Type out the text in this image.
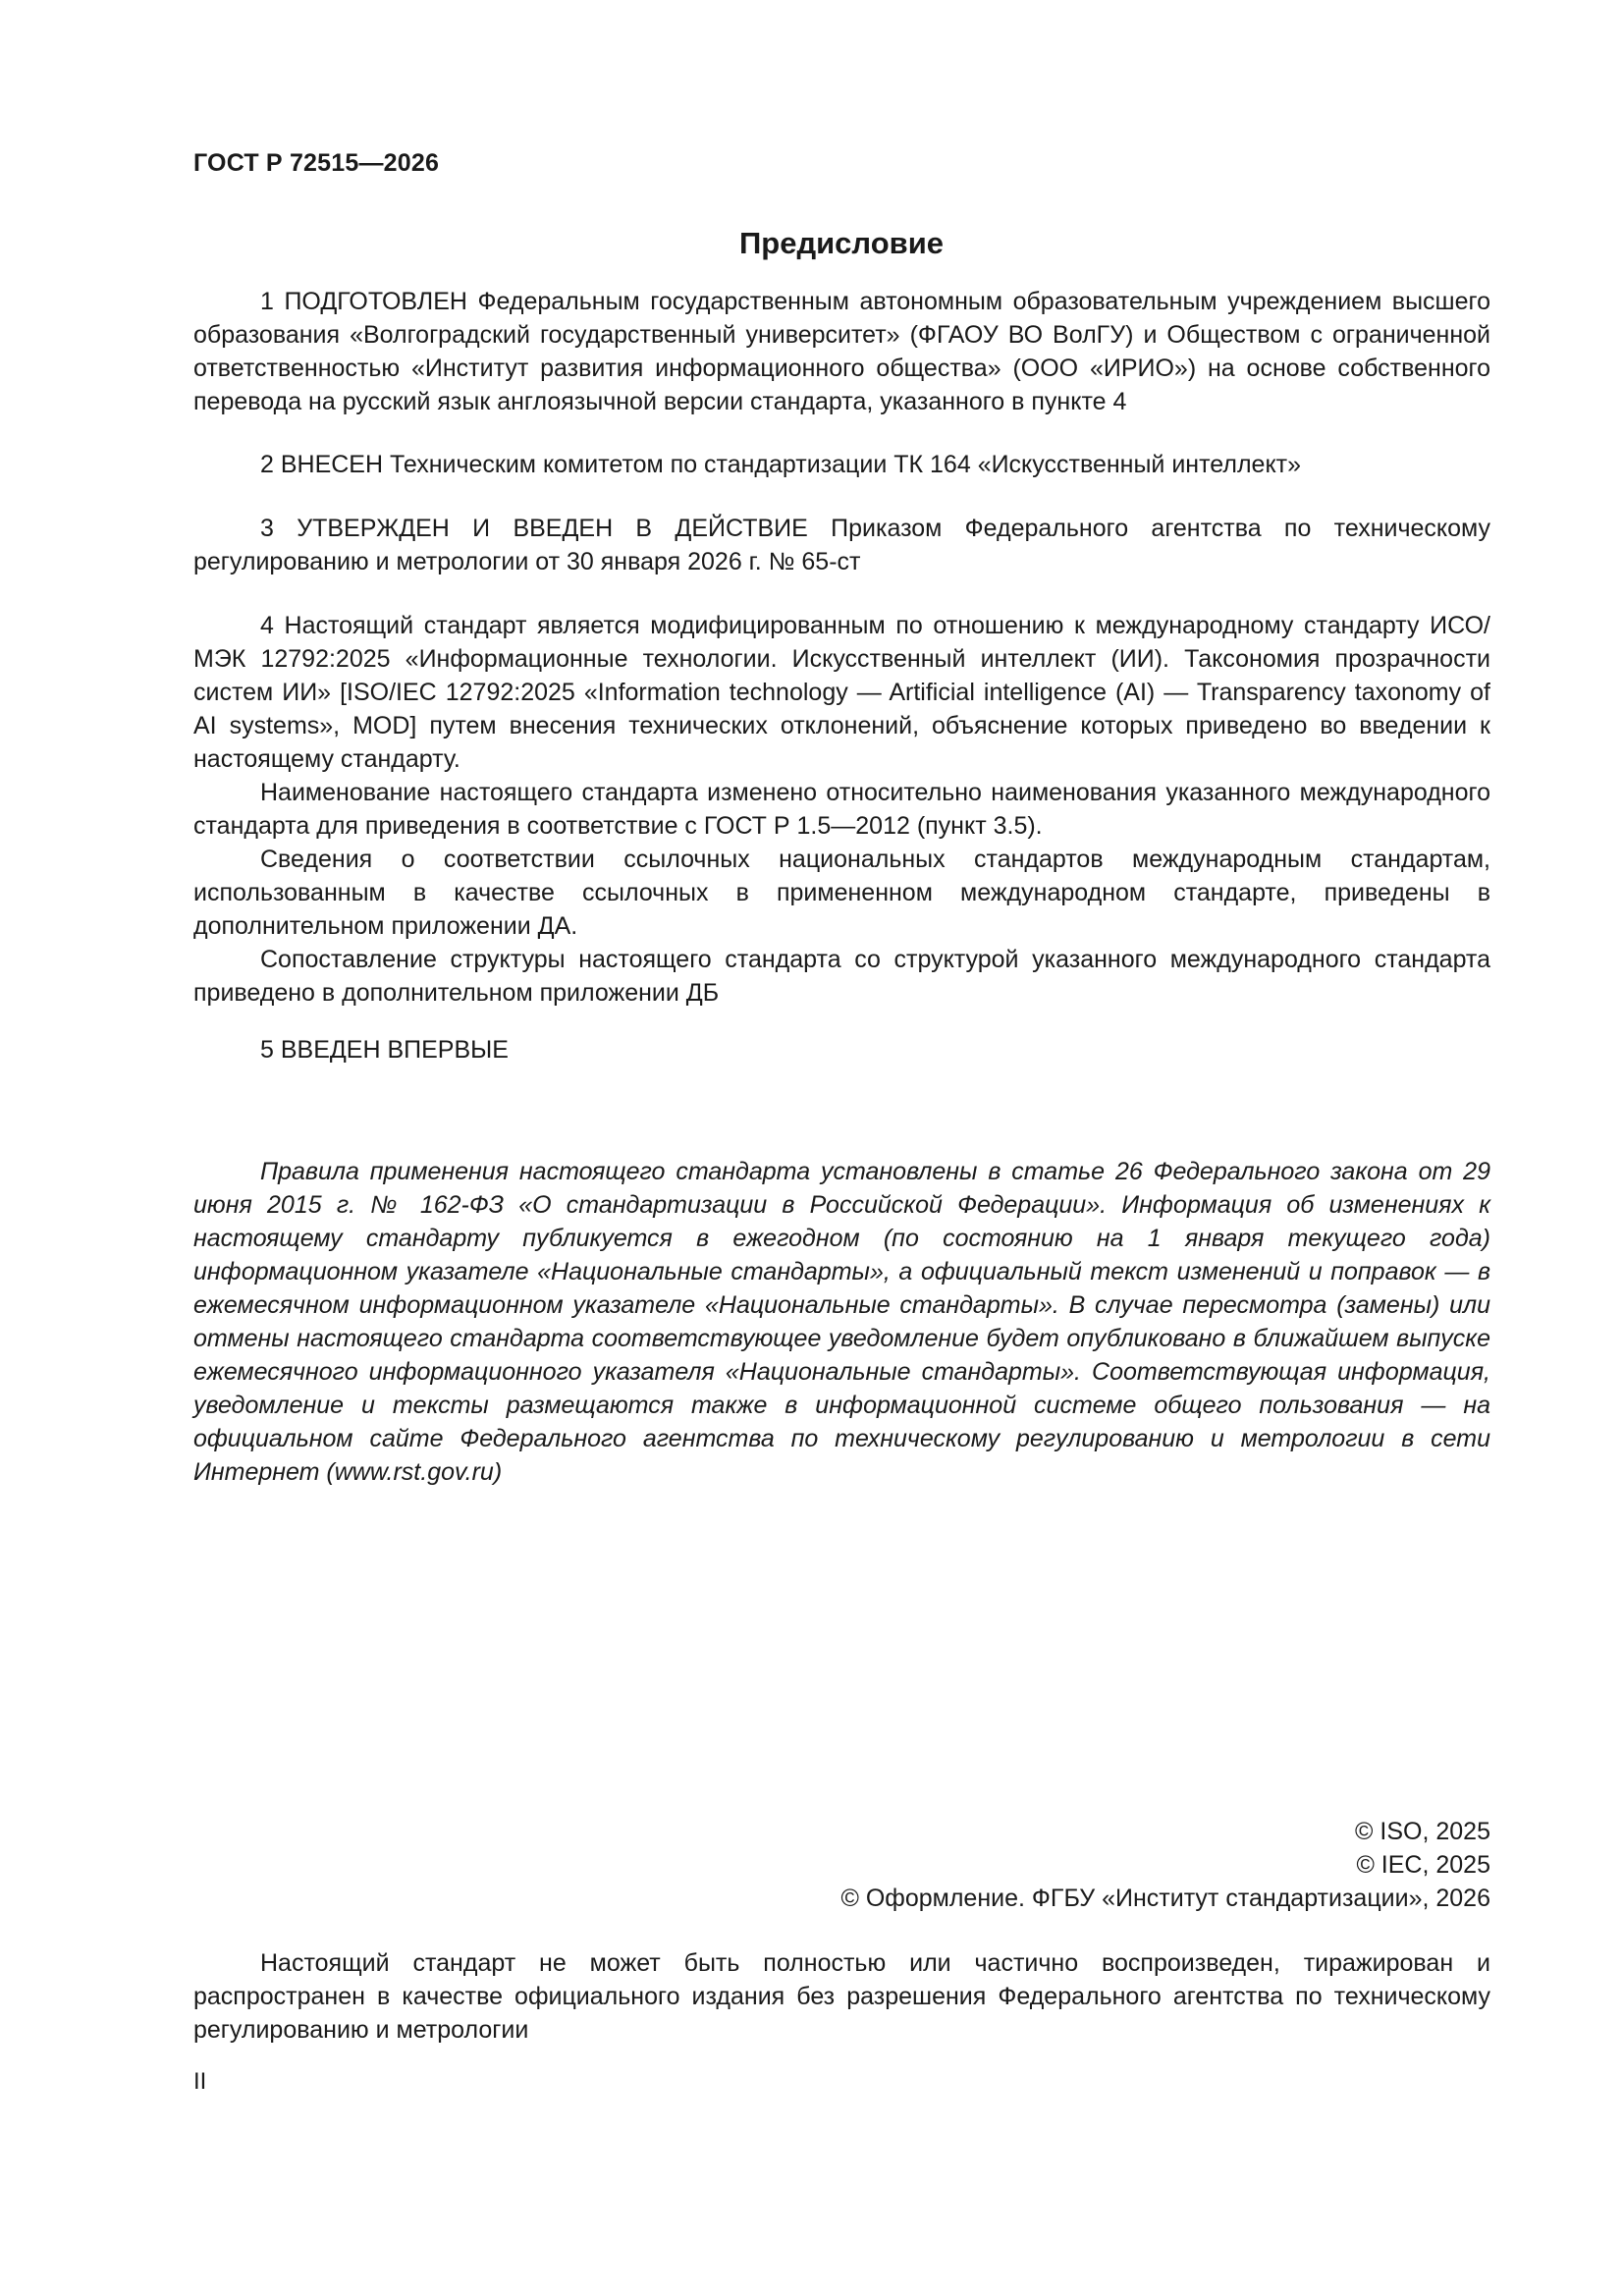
ГОСТ Р 72515—2026
Предисловие

1 ПОДГОТОВЛЕН Федеральным государственным автономным образовательным учреждением высшего образования «Волгоградский государственный университет» (ФГАОУ ВО ВолГУ) и Обществом с ограниченной ответственностью «Институт развития информационного общества» (ООО «ИРИО») на основе собственного перевода на русский язык англоязычной версии стандарта, указанного в пункте 4

2 ВНЕСЕН Техническим комитетом по стандартизации ТК 164 «Искусственный интеллект»

3 УТВЕРЖДЕН И ВВЕДЕН В ДЕЙСТВИЕ Приказом Федерального агентства по техническому регулированию и метрологии от 30 января 2026 г. № 65-ст

4 Настоящий стандарт является модифицированным по отношению к международному стандарту ИСО/МЭК 12792:2025 «Информационные технологии. Искусственный интеллект (ИИ). Таксономия прозрачности систем ИИ» [ISO/IEC 12792:2025 «Information technology — Artificial intelligence (AI) — Transparency taxonomy of AI systems», MOD] путем внесения технических отклонений, объяснение которых приведено во введении к настоящему стандарту.

Наименование настоящего стандарта изменено относительно наименования указанного международного стандарта для приведения в соответствие с ГОСТ Р 1.5—2012 (пункт 3.5).

Сведения о соответствии ссылочных национальных стандартов международным стандартам, использованным в качестве ссылочных в примененном международном стандарте, приведены в дополнительном приложении ДА.

Сопоставление структуры настоящего стандарта со структурой указанного международного стандарта приведено в дополнительном приложении ДБ

5 ВВЕДЕН ВПЕРВЫЕ

Правила применения настоящего стандарта установлены в статье 26 Федерального закона от 29 июня 2015 г. № 162-ФЗ «О стандартизации в Российской Федерации». Информация об изменениях к настоящему стандарту публикуется в ежегодном (по состоянию на 1 января текущего года) информационном указателе «Национальные стандарты», а официальный текст изменений и поправок — в ежемесячном информационном указателе «Национальные стандарты». В случае пересмотра (замены) или отмены настоящего стандарта соответствующее уведомление будет опубликовано в ближайшем выпуске ежемесячного информационного указателя «Национальные стандарты». Соответствующая информация, уведомление и тексты размещаются также в информационной системе общего пользования — на официальном сайте Федерального агентства по техническому регулированию и метрологии в сети Интернет (www.rst.gov.ru)

© ISO, 2025
© IEC, 2025
© Оформление. ФГБУ «Институт стандартизации», 2026

Настоящий стандарт не может быть полностью или частично воспроизведен, тиражирован и распространен в качестве официального издания без разрешения Федерального агентства по техническому регулированию и метрологии

II
